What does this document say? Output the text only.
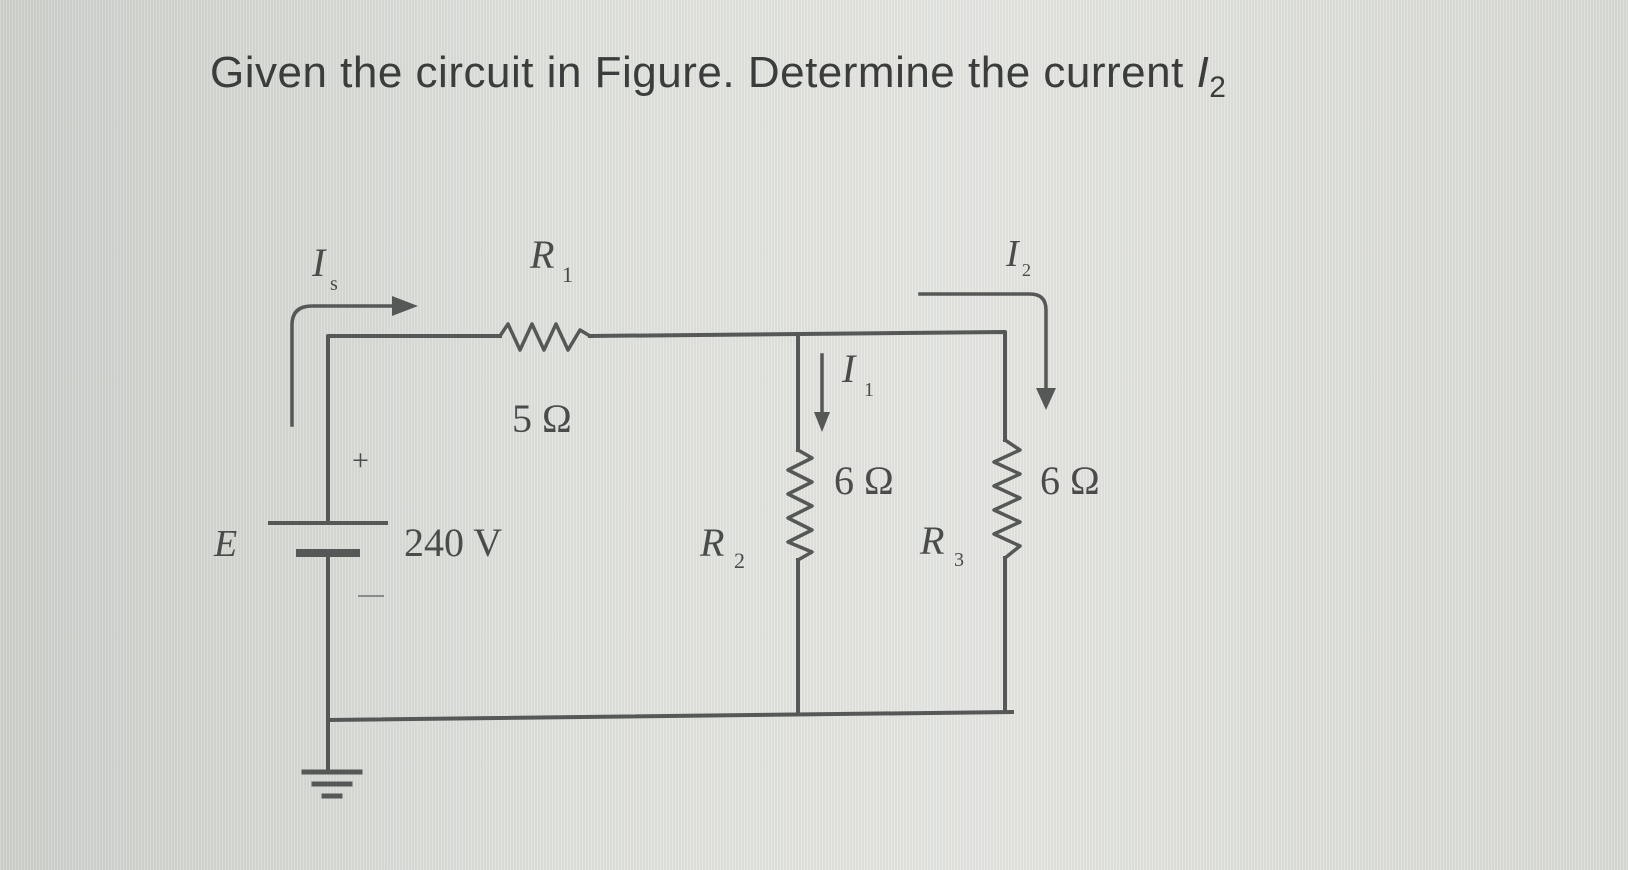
Given the circuit in Figure. Determine the current $I_2$
+
E	240 V
I s
R 1
5 Ω
I 1
I 2
6 Ω
R 2
6 Ω
R 3
